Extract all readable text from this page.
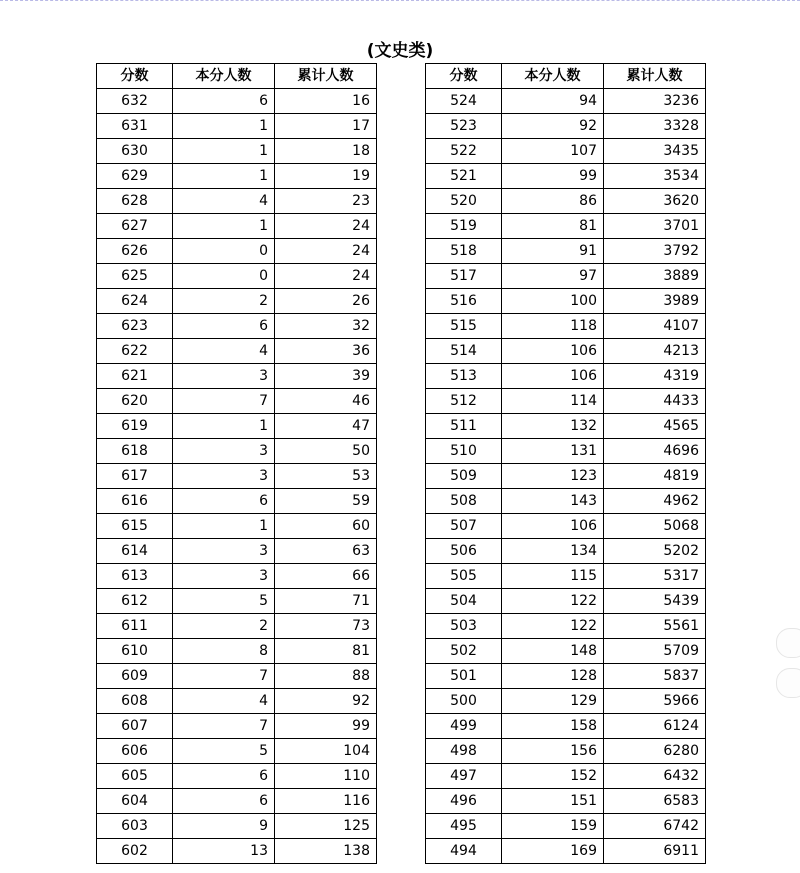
(文史类)
分数	本分人数	累计人数
632	6	16
631	1	17
630	1	18
629	1	19
628	4	23
627	1	24
626	0	24
625	0	24
624	2	26
623	6	32
622	4	36
621	3	39
620	7	46
619	1	47
618	3	50
617	3	53
616	6	59
615	1	60
614	3	63
613	3	66
612	5	71
611	2	73
610	8	81
609	7	88
608	4	92
607	7	99
606	5	104
605	6	110
604	6	116
603	9	125
602	13	138
分数	本分人数	累计人数
524	94	3236
523	92	3328
522	107	3435
521	99	3534
520	86	3620
519	81	3701
518	91	3792
517	97	3889
516	100	3989
515	118	4107
514	106	4213
513	106	4319
512	114	4433
511	132	4565
510	131	4696
509	123	4819
508	143	4962
507	106	5068
506	134	5202
505	115	5317
504	122	5439
503	122	5561
502	148	5709
501	128	5837
500	129	5966
499	158	6124
498	156	6280
497	152	6432
496	151	6583
495	159	6742
494	169	6911
